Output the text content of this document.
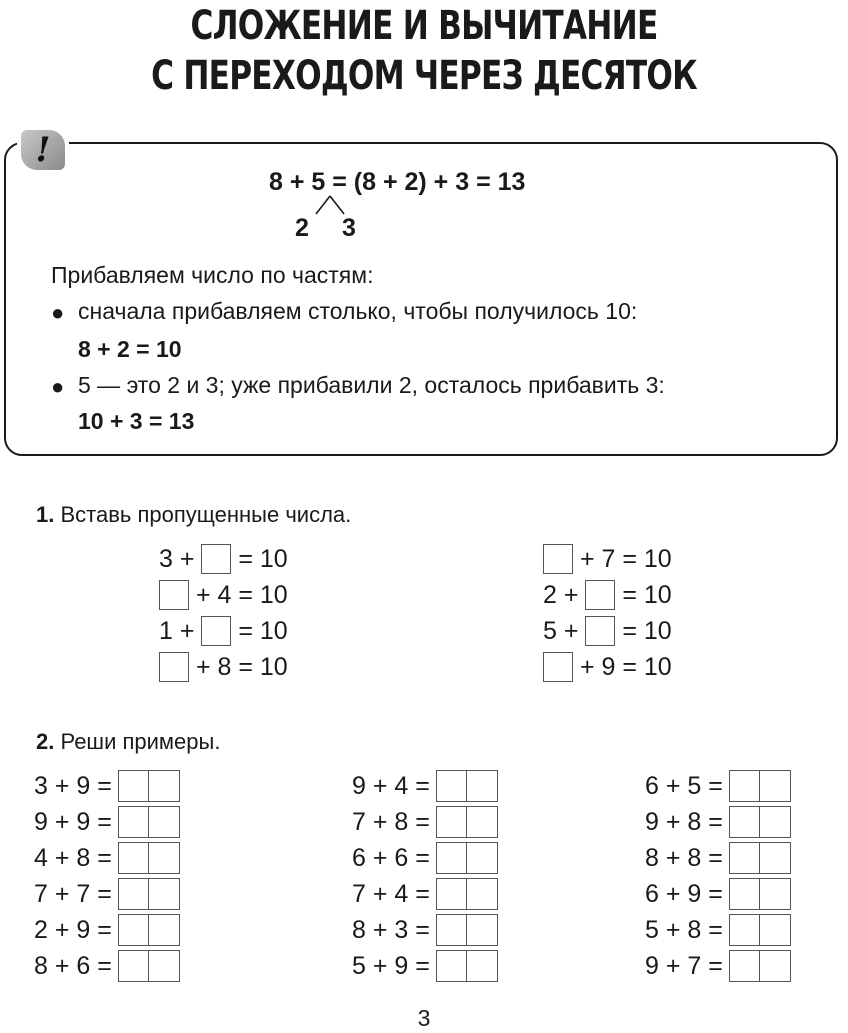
СЛОЖЕНИЕ И ВЫЧИТАНИЕ
С ПЕРЕХОДОМ ЧЕРЕЗ ДЕСЯТОК
!
8 + 5 = (8 + 2) + 3 = 13
2 3
Прибавляем число по частям:
● сначала прибавляем столько, чтобы получилось 10:
8 + 2 = 10
● 5 — это 2 и 3; уже прибавили 2, осталось прибавить 3:
10 + 3 = 13
1. Вставь пропущенные числа.
3 +

= 10

+ 4 = 10
1 +

= 10

+ 8 = 10

+ 7 = 10
2 +

= 10
5 +

= 10

+ 9 = 10
2. Реши примеры.
3 + 9 =
9 + 9 =
4 + 8 =
7 + 7 =
2 + 9 =
8 + 6 =
9 + 4 =
7 + 8 =
6 + 6 =
7 + 4 =
8 + 3 =
5 + 9 =
6 + 5 =
9 + 8 =
8 + 8 =
6 + 9 =
5 + 8 =
9 + 7 =
3
